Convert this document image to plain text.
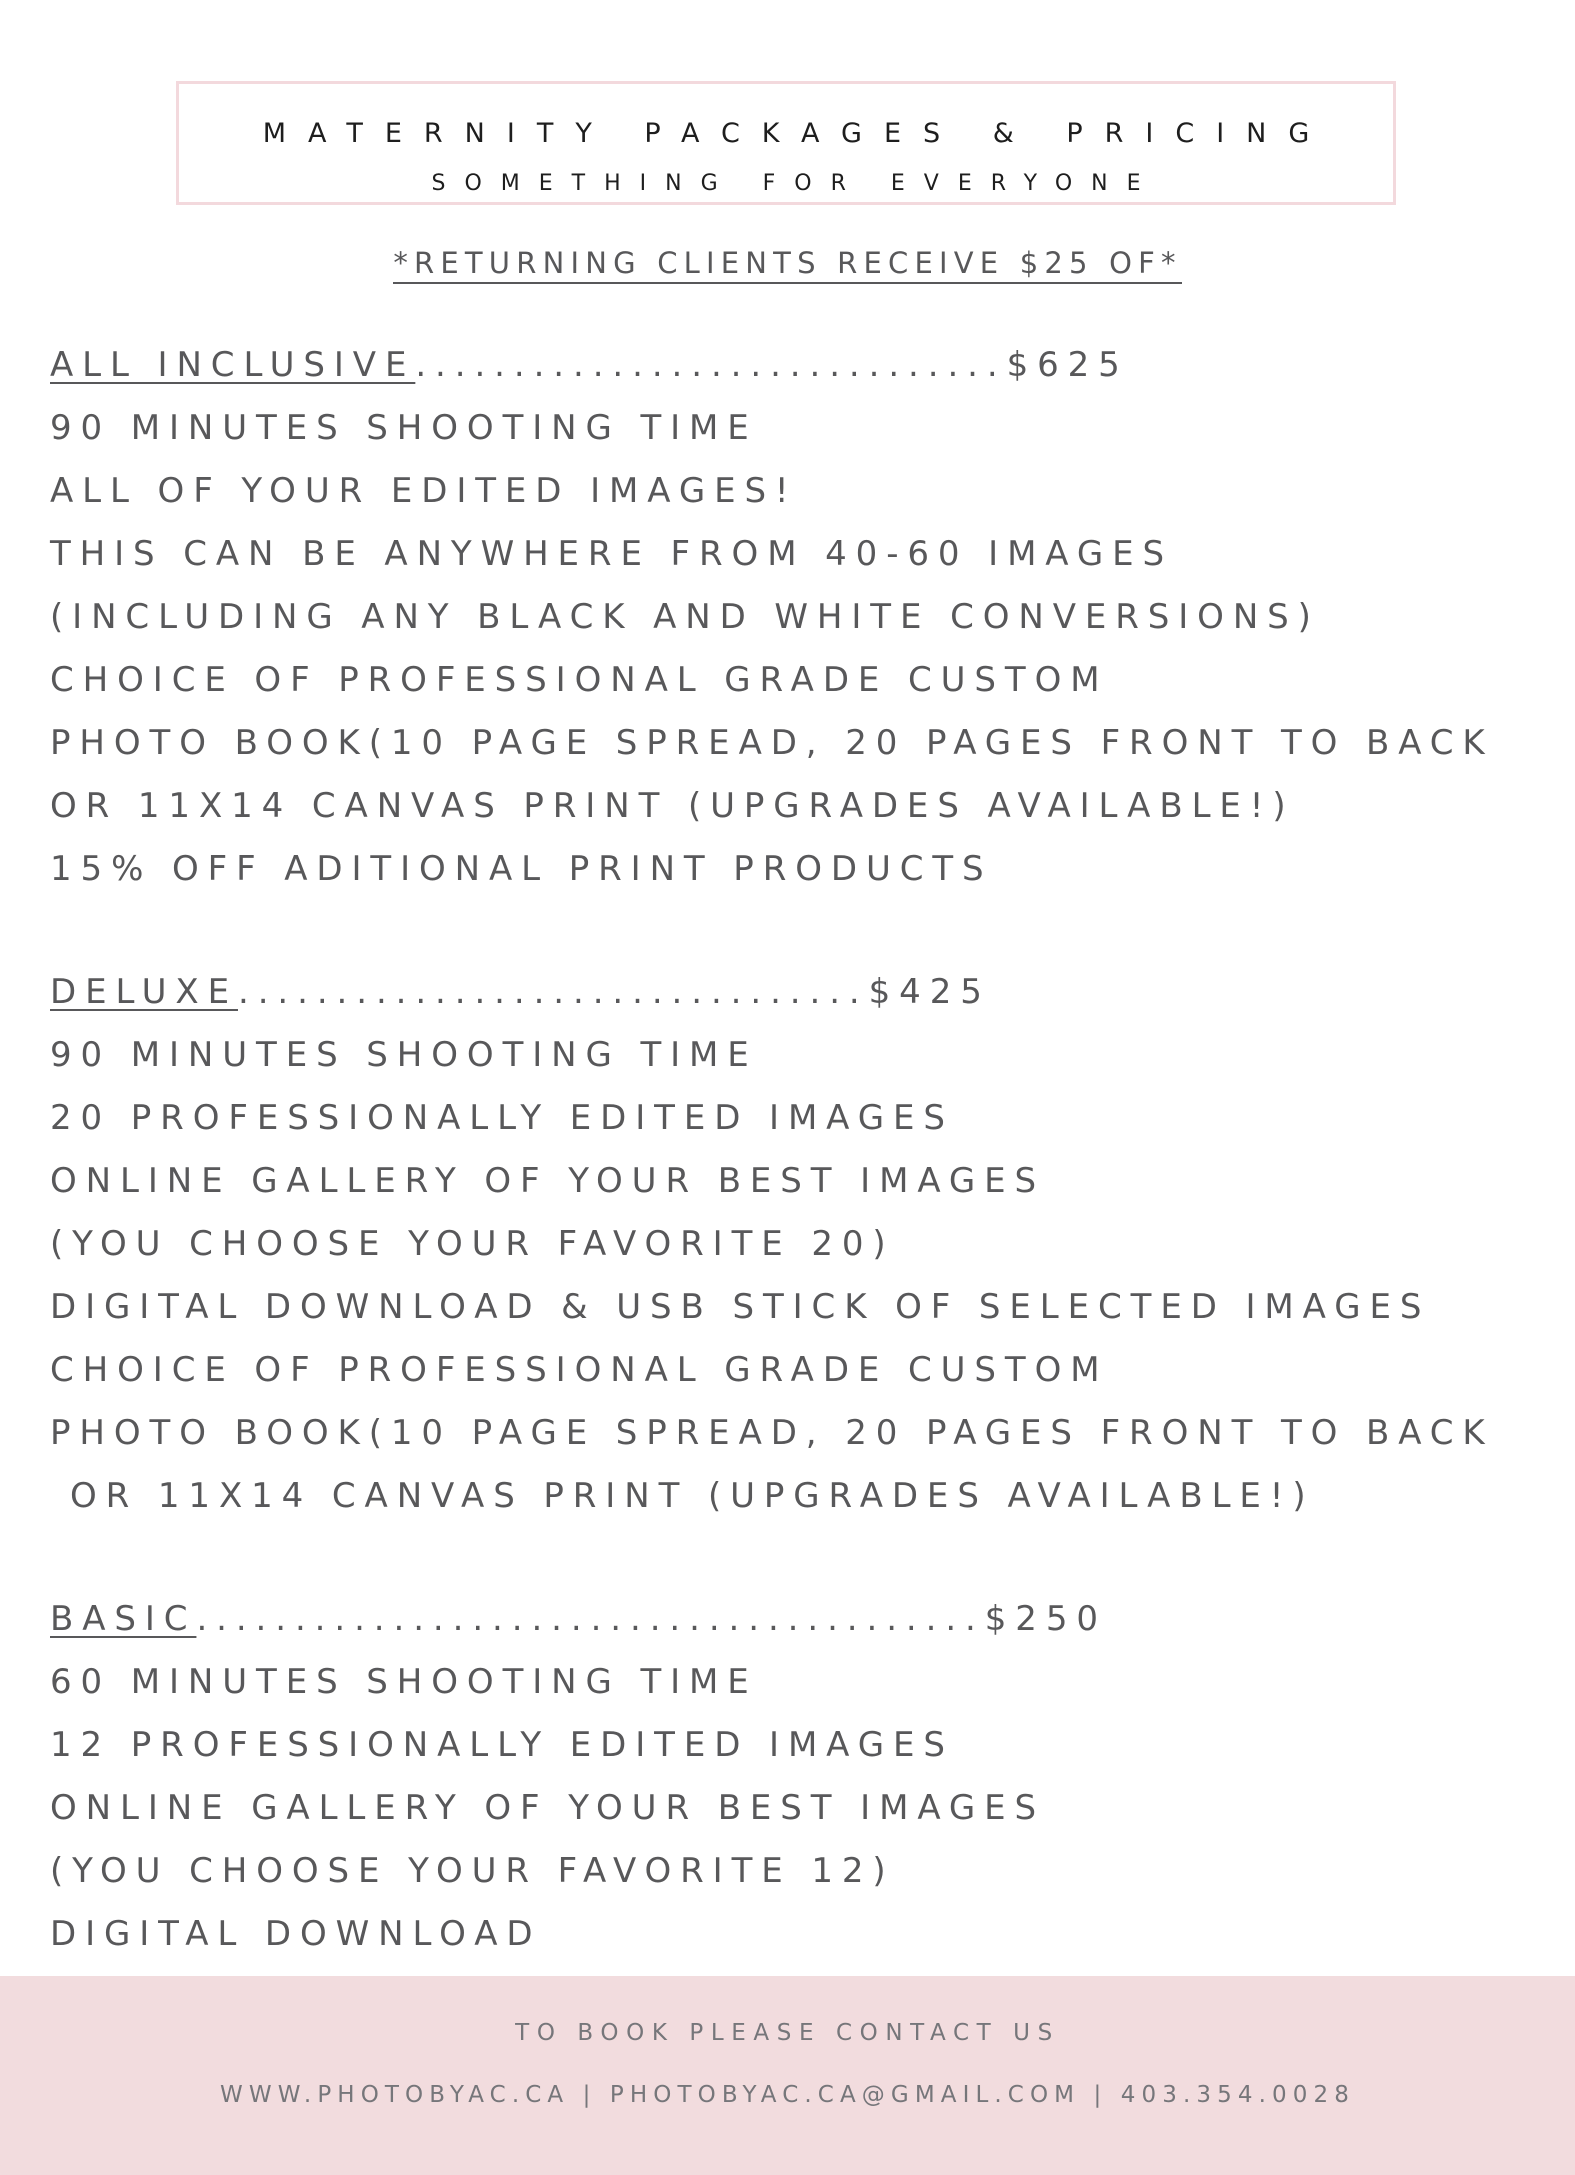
MATERNITY PACKAGES & PRICING
SOMETHING FOR EVERYONE
*RETURNING CLIENTS RECEIVE $25 OF*
ALL INCLUSIVE..............................$625
90 MINUTES SHOOTING TIME
ALL OF YOUR EDITED IMAGES!
THIS CAN BE ANYWHERE FROM 40-60 IMAGES
(INCLUDING ANY BLACK AND WHITE CONVERSIONS)
CHOICE OF PROFESSIONAL GRADE CUSTOM
PHOTO BOOK(10 PAGE SPREAD, 20 PAGES FRONT TO BACK
OR 11X14 CANVAS PRINT (UPGRADES AVAILABLE!)
15% OFF ADITIONAL PRINT PRODUCTS
DELUXE................................$425
90 MINUTES SHOOTING TIME
20 PROFESSIONALLY EDITED IMAGES
ONLINE GALLERY OF YOUR BEST IMAGES
(YOU CHOOSE YOUR FAVORITE 20)
DIGITAL DOWNLOAD & USB STICK OF SELECTED IMAGES
CHOICE OF PROFESSIONAL GRADE CUSTOM
PHOTO BOOK(10 PAGE SPREAD, 20 PAGES FRONT TO BACK
OR 11X14 CANVAS PRINT (UPGRADES AVAILABLE!)
BASIC........................................$250
60 MINUTES SHOOTING TIME
12 PROFESSIONALLY EDITED IMAGES
ONLINE GALLERY OF YOUR BEST IMAGES
(YOU CHOOSE YOUR FAVORITE 12)
DIGITAL DOWNLOAD
TO BOOK PLEASE CONTACT US
WWW.PHOTOBYAC.CA | PHOTOBYAC.CA@GMAIL.COM | 403.354.0028
